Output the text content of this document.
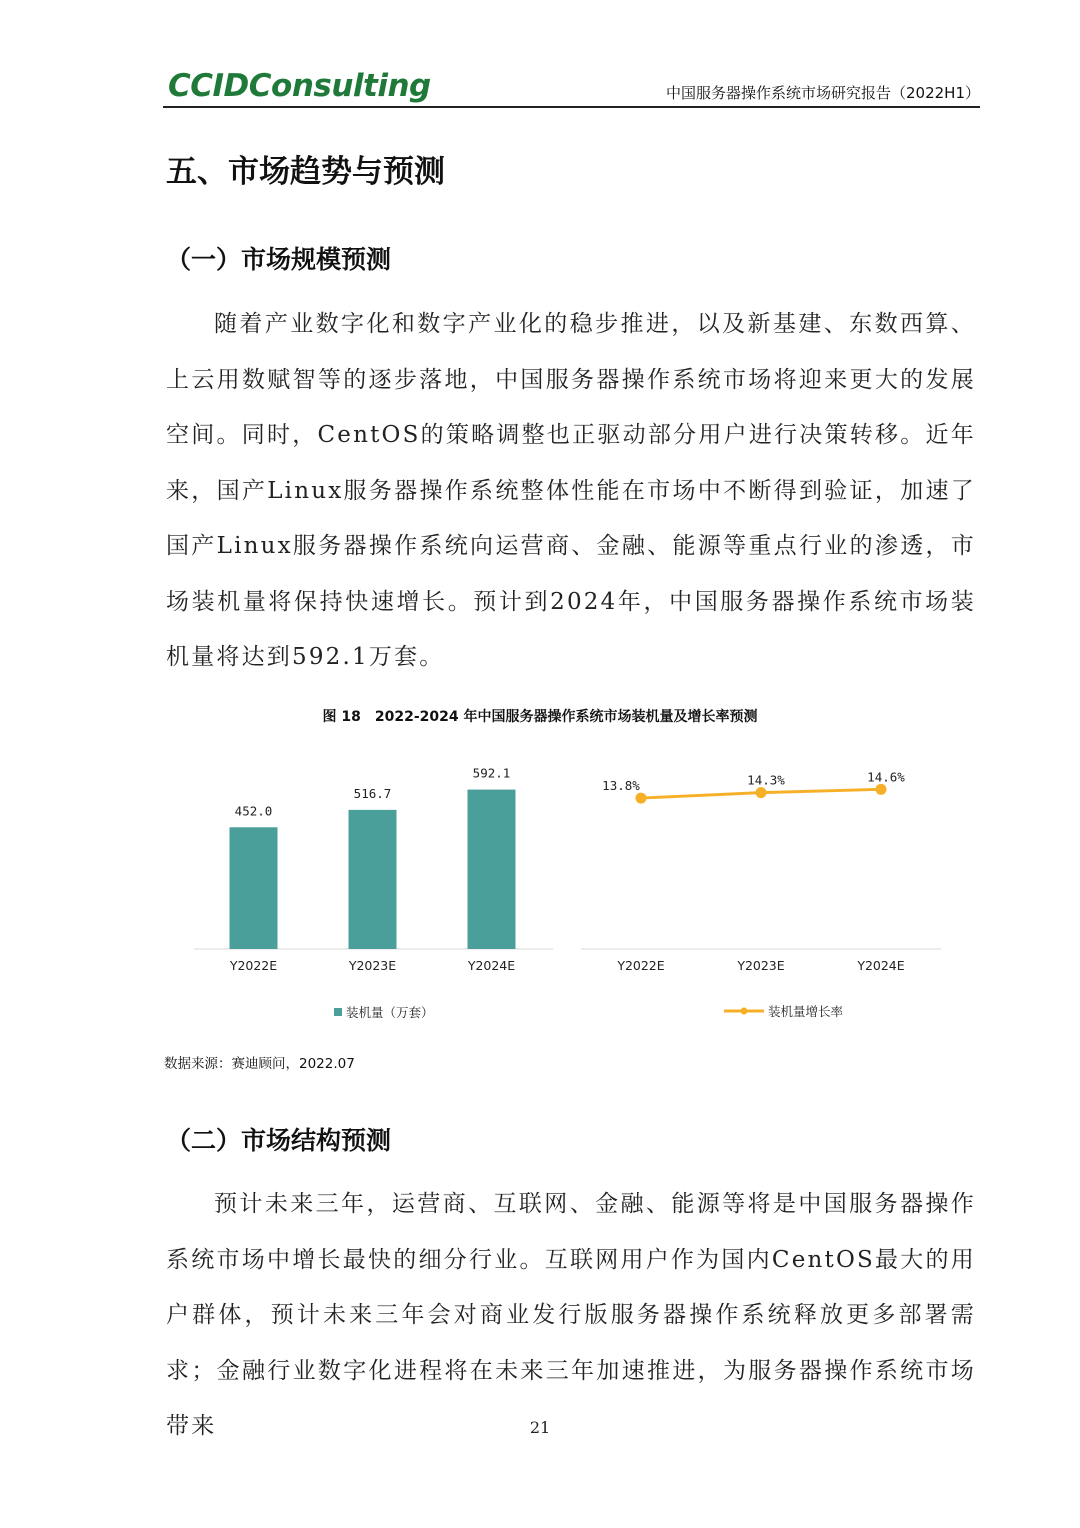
CCIDConsulting	中国服务器操作系统市场研究报告（2022H1）
五、市场趋势与预测
（一）市场规模预测

随着产业数字化和数字产业化的稳步推进，以及新基建、东数西算、上云用数赋智等的逐步落地，中国服务器操作系统市场将迎来更大的发展空间。同时，CentOS的策略调整也正驱动部分用户进行决策转移。近年来，国产Linux服务器操作系统整体性能在市场中不断得到验证，加速了国产Linux服务器操作系统向运营商、金融、能源等重点行业的渗透，市场装机量将保持快速增长。预计到2024年，中国服务器操作系统市场装机量将达到592.1万套。

图 18　2022-2024 年中国服务器操作系统市场装机量及增长率预测
452.0
Y2022E
516.7
Y2023E
592.1
Y2024E
装机量（万套）
13.8%
Y2022E
14.3%
Y2023E
14.6%
Y2024E
装机量增长率
数据来源：赛迪顾问，2022.07
（二）市场结构预测

预计未来三年，运营商、互联网、金融、能源等将是中国服务器操作系统市场中增长最快的细分行业。互联网用户作为国内CentOS最大的用户群体，预计未来三年会对商业发行版服务器操作系统释放更多部署需求；金融行业数字化进程将在未来三年加速推进，为服务器操作系统市场带来	21
